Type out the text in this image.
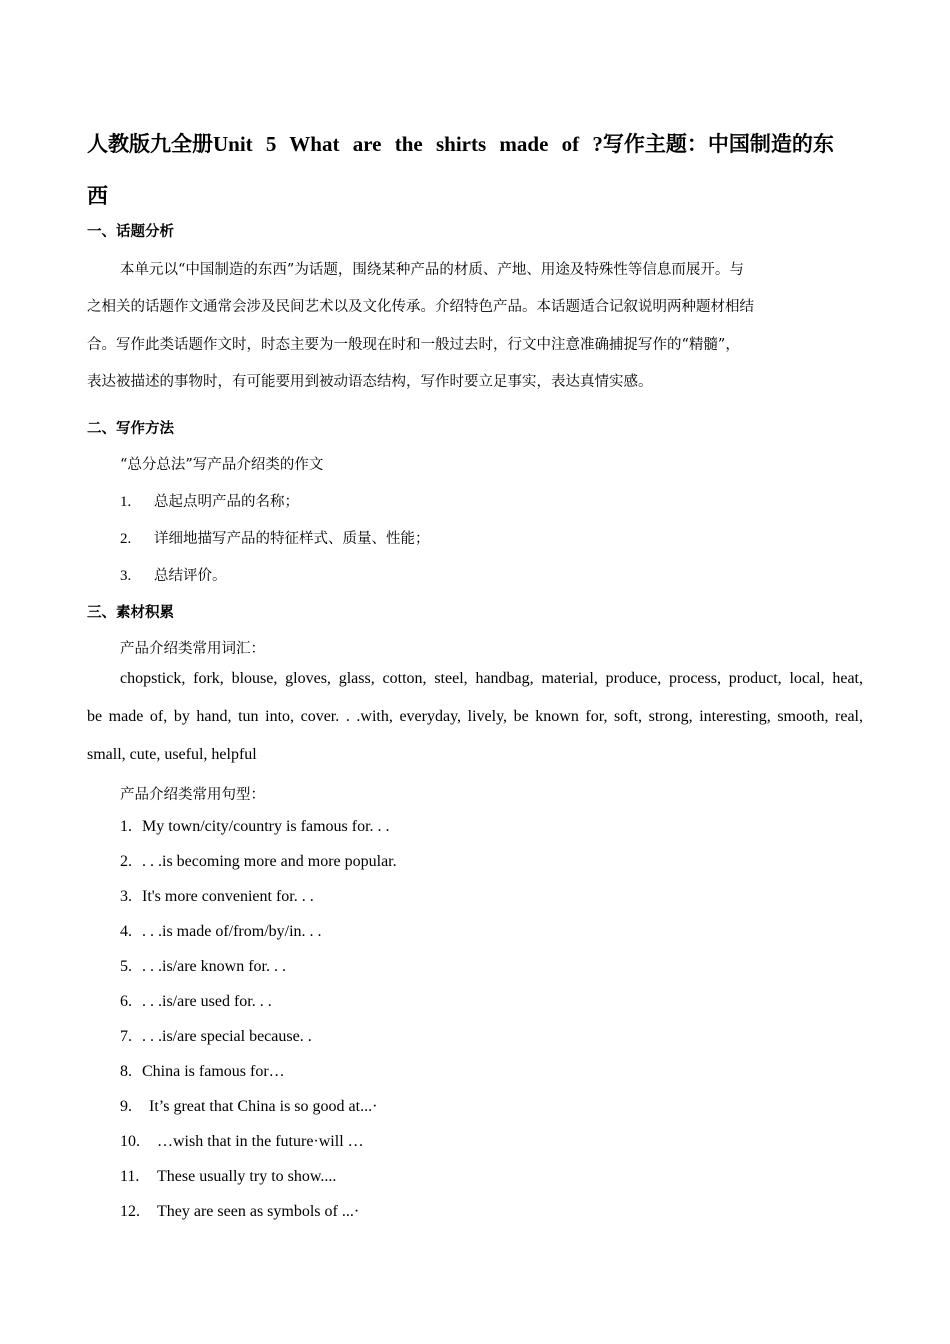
人教版九全册Unit 5 What are the shirts made of ?写作主题：中国制造的东
西
一、话题分析
本单元以“中国制造的东西”为话题，围绕某种产品的材质、产地、用途及特殊性等信息而展开。与
之相关的话题作文通常会涉及民间艺术以及文化传承。介绍特色产品。本话题适合记叙说明两种题材相结
合。写作此类话题作文时，时态主要为一般现在时和一般过去时，行文中注意准确捕捉写作的“精髓”，
表达被描述的事物时，有可能要用到被动语态结构，写作时要立足事实，表达真情实感。
二、写作方法
“总分总法”写产品介绍类的作文
1. 总起点明产品的名称；
2. 详细地描写产品的特征样式、质量、性能；
3. 总结评价。
三、素材积累
产品介绍类常用词汇：
chopstick, fork, blouse, gloves, glass, cotton, steel, handbag, material, produce, process, product, local, heat,
be made of, by hand, tun into, cover. . .with, everyday, lively, be known for, soft, strong, interesting, smooth, real,
small, cute, useful, helpful
产品介绍类常用句型：
1. My town/city/country is famous for. . .
2. . . .is becoming more and more popular.
3. It's more convenient for. . .
4. . . .is made of/from/by/in. . .
5. . . .is/are known for. . .
6. . . .is/are used for. . .
7. . . .is/are special because. .
8. China is famous for…
9. It’s great that China is so good at...·
10. …wish that in the future·will …
11. These usually try to show....
12. They are seen as symbols of ...·
